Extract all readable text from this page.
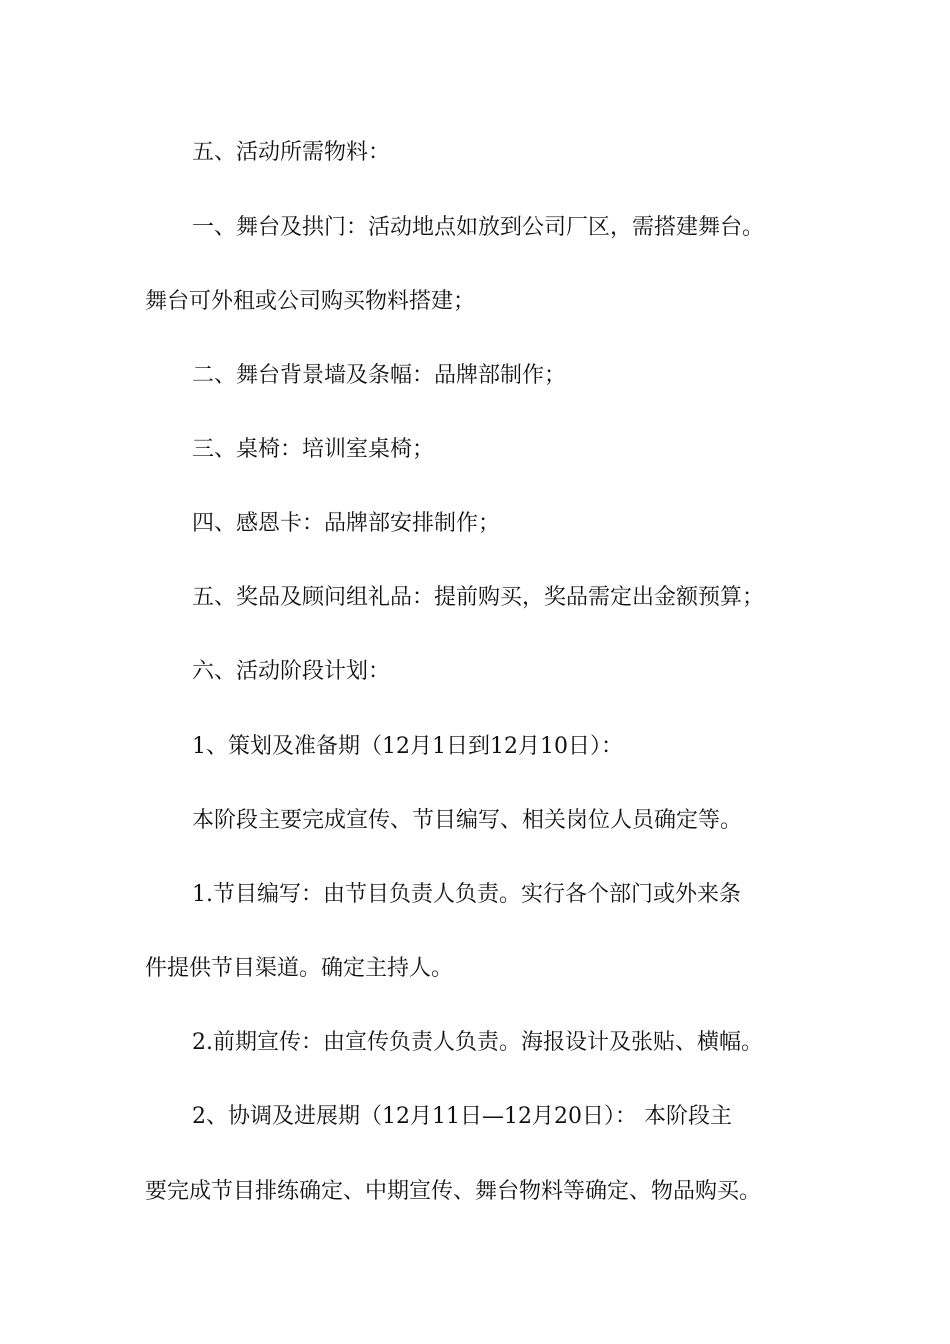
五、活动所需物料：
一、舞台及拱门：活动地点如放到公司厂区，需搭建舞台。
舞台可外租或公司购买物料搭建；
二、舞台背景墙及条幅：品牌部制作；
三、桌椅：培训室桌椅；
四、感恩卡：品牌部安排制作；
五、奖品及顾问组礼品：提前购买，奖品需定出金额预算；
六、活动阶段计划：
1、策划及准备期（12月1日到12月10日）：
本阶段主要完成宣传、节目编写、相关岗位人员确定等。
1.节目编写：由节目负责人负责。实行各个部门或外来条
件提供节目渠道。确定主持人。
2.前期宣传：由宣传负责人负责。海报设计及张贴、横幅。
2、协调及进展期（12月11日—12月20日）： 本阶段主
要完成节目排练确定、中期宣传、舞台物料等确定、物品购买。
